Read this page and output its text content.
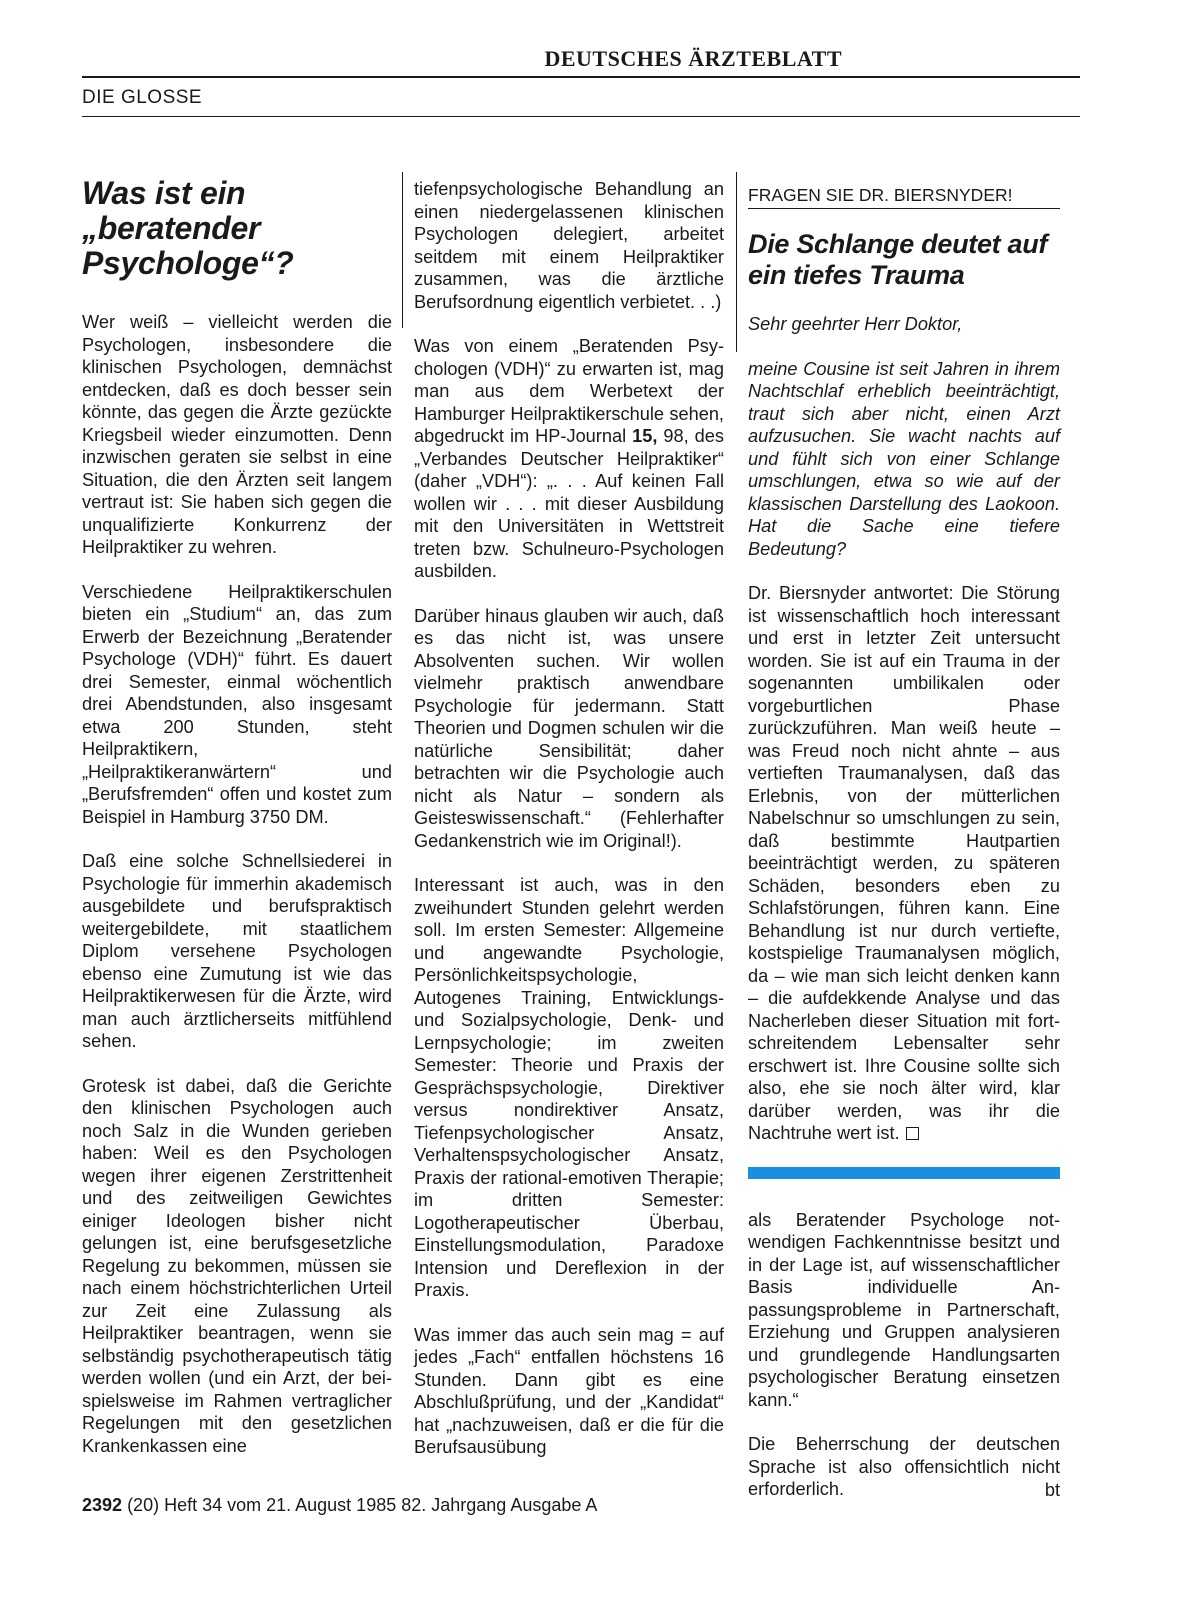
DEUTSCHES ÄRZTEBLATT
DIE GLOSSE
Was ist ein „beratender Psychologe“?

Wer weiß – vielleicht werden die Psychologen, insbesondere die klinischen Psychologen, demnächst entdecken, daß es doch besser sein könnte, das gegen die Ärzte gezückte Kriegsbeil wieder einzumotten. Denn inzwischen geraten sie selbst in eine Situation, die den Ärzten seit langem vertraut ist: Sie haben sich gegen die unqualifizierte Konkurrenz der Heilpraktiker zu wehren.

Verschiedene Heilpraktikerschulen bieten ein „Studium“ an, das zum Erwerb der Bezeichnung „Beratender Psychologe (VDH)“ führt. Es dauert drei Semester, einmal wöchentlich drei Abendstunden, also insgesamt etwa 200 Stunden, steht Heilpraktikern, „Heilpraktikeranwärtern“ und „Berufsfremden“ offen und kostet zum Beispiel in Hamburg 3750 DM.

Daß eine solche Schnellsiederei in Psychologie für immerhin akademisch ausgebildete und berufspraktisch weitergebildete, mit staatlichem Diplom versehene Psychologen ebenso eine Zumutung ist wie das Heilpraktikerwesen für die Ärzte, wird man auch ärztlicherseits mitfühlend sehen.

Grotesk ist dabei, daß die Gerichte den klinischen Psychologen auch noch Salz in die Wunden gerieben haben: Weil es den Psychologen wegen ihrer eigenen Zerstrittenheit und des zeitweiligen Gewichtes einiger Ideologen bisher nicht gelungen ist, eine berufsgesetzliche Regelung zu bekommen, müssen sie nach einem höchstrichterlichen Urteil zur Zeit eine Zulassung als Heilpraktiker beantragen, wenn sie selbständig psychotherapeutisch tätig werden wollen (und ein Arzt, der beispielsweise im Rahmen vertraglicher Regelungen mit den gesetzlichen Krankenkassen eine

tiefenpsychologische Behandlung an einen niedergelassenen klinischen Psychologen delegiert, arbeitet seitdem mit einem Heilpraktiker zusammen, was die ärztliche Berufsordnung eigentlich verbietet. . .)

Was von einem „Beratenden Psychologen (VDH)“ zu erwarten ist, mag man aus dem Werbetext der Hamburger Heilpraktikerschule sehen, abgedruckt im HP-Journal 15, 98, des „Verbandes Deutscher Heilpraktiker“ (daher „VDH“): „. . . Auf keinen Fall wollen wir . . . mit dieser Ausbildung mit den Universitäten in Wettstreit treten bzw. Schulneuro-Psychologen ausbilden.

Darüber hinaus glauben wir auch, daß es das nicht ist, was unsere Absolventen suchen. Wir wollen vielmehr praktisch anwendbare Psychologie für jedermann. Statt Theorien und Dogmen schulen wir die natürliche Sensibilität; daher betrachten wir die Psychologie auch nicht als Natur – sondern als Geisteswissenschaft.“ (Fehlerhafter Gedankenstrich wie im Original!).

Interessant ist auch, was in den zweihundert Stunden gelehrt werden soll. Im ersten Semester: Allgemeine und angewandte Psychologie, Persönlichkeitspsychologie, Autogenes Training, Entwicklungs- und Sozialpsychologie, Denk- und Lernpsychologie; im zweiten Semester: Theorie und Praxis der Gesprächspsychologie, Direktiver versus nondirektiver Ansatz, Tiefenpsychologischer Ansatz, Verhaltenspsychologischer Ansatz, Praxis der rational-emotiven Therapie; im dritten Semester: Logotherapeutischer Überbau, Einstellungsmodulation, Paradoxe Intension und Dereflexion in der Praxis.

Was immer das auch sein mag = auf jedes „Fach“ entfallen höchstens 16 Stunden. Dann gibt es eine Abschlußprüfung, und der „Kandidat“ hat „nachzuweisen, daß er die für die Berufsausübung

FRAGEN SIE DR. BIERSNYDER!
Die Schlange deutet auf ein tiefes Trauma

Sehr geehrter Herr Doktor,

meine Cousine ist seit Jahren in ihrem Nachtschlaf erheblich beeinträchtigt, traut sich aber nicht, einen Arzt aufzusuchen. Sie wacht nachts auf und fühlt sich von einer Schlange umschlungen, etwa so wie auf der klassischen Darstellung des Laokoon. Hat die Sache eine tiefere Bedeutung?

Dr. Biersnyder antwortet: Die Störung ist wissenschaftlich hoch interessant und erst in letzter Zeit untersucht worden. Sie ist auf ein Trauma in der sogenannten umbilikalen oder vorgeburtlichen Phase zurückzuführen. Man weiß heute – was Freud noch nicht ahnte – aus vertieften Traumanalysen, daß das Erlebnis, von der mütterlichen Nabelschnur so umschlungen zu sein, daß bestimmte Hautpartien beeinträchtigt werden, zu späteren Schäden, besonders eben zu Schlafstörungen, führen kann. Eine Behandlung ist nur durch vertiefte, kostspielige Traumanalysen möglich, da – wie man sich leicht denken kann – die aufdekkende Analyse und das Nacherleben dieser Situation mit fortschreitendem Lebensalter sehr erschwert ist. Ihre Cousine sollte sich also, ehe sie noch älter wird, klar darüber werden, was ihr die Nachtruhe wert ist.

als Beratender Psychologe notwendigen Fachkenntnisse besitzt und in der Lage ist, auf wissenschaftlicher Basis individuelle Anpassungsprobleme in Partnerschaft, Erziehung und Gruppen analysieren und grundlegende Handlungsarten psychologischer Beratung einsetzen kann.“

Die Beherrschung der deutschen Sprache ist also offensichtlich nicht erforderlich.	bt
2392 (20) Heft 34 vom 21. August 1985 82. Jahrgang Ausgabe A
